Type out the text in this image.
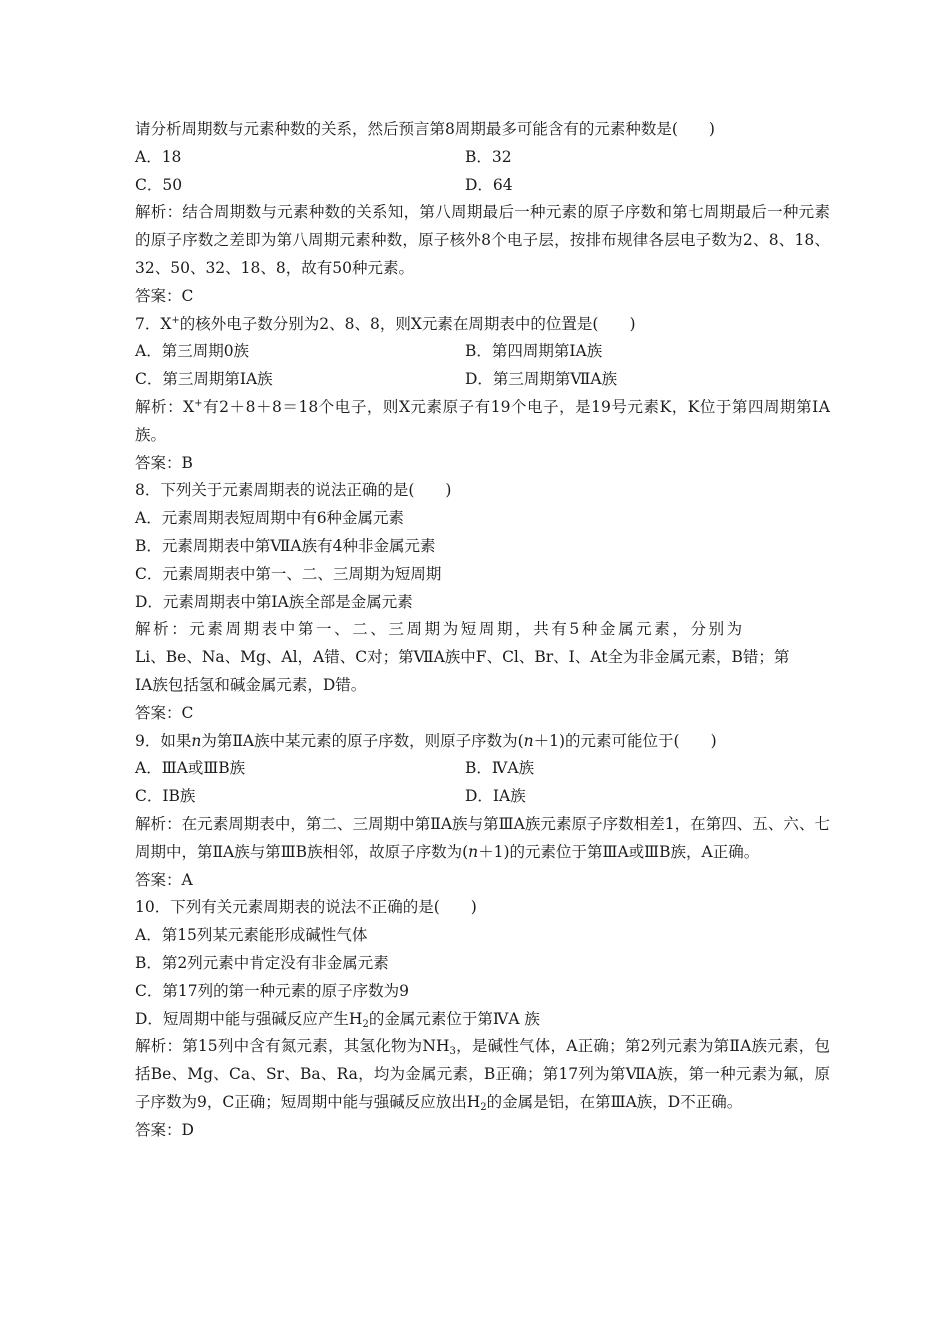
请分析周期数与元素种数的关系，然后预言第8周期最多可能含有的元素种数是(　　)
A．18	B．32
C．50	D．64
解析：结合周期数与元素种数的关系知，第八周期最后一种元素的原子序数和第七周期最后一种元素的原子序数之差即为第八周期元素种数，原子核外8个电子层，按排布规律各层电子数为2、8、18、32、50、32、18、8，故有50种元素。
答案：C
7．X+的核外电子数分别为2、8、8，则X元素在周期表中的位置是(　　)
A．第三周期0族	B．第四周期第ⅠA族
C．第三周期第ⅠA族	D．第三周期第ⅦA族
解析：X+有2＋8＋8＝18个电子，则X元素原子有19个电子，是19号元素K，K位于第四周期第ⅠA族。
答案：B
8．下列关于元素周期表的说法正确的是(　　)
A．元素周期表短周期中有6种金属元素
B．元素周期表中第ⅦA族有4种非金属元素
C．元素周期表中第一、二、三周期为短周期
D．元素周期表中第ⅠA族全部是金属元素
解析：元素周期表中第一、二、三周期为短周期，共有5种金属元素，分别为
Li、Be、Na、Mg、Al，A错、C对；第ⅦA族中F、Cl、Br、I、At全为非金属元素，B错；第
ⅠA族包括氢和碱金属元素，D错。
答案：C
9．如果n为第ⅡA族中某元素的原子序数，则原子序数为(n＋1)的元素可能位于(　　)
A．ⅢA或ⅢB族	B．ⅣA族
C．ⅠB族	D．ⅠA族
解析：在元素周期表中，第二、三周期中第ⅡA族与第ⅢA族元素原子序数相差1，在第四、五、六、七周期中，第ⅡA族与第ⅢB族相邻，故原子序数为(n＋1)的元素位于第ⅢA或ⅢB族，A正确。
答案：A
10．下列有关元素周期表的说法不正确的是(　　)
A．第15列某元素能形成碱性气体
B．第2列元素中肯定没有非金属元素
C．第17列的第一种元素的原子序数为9
D．短周期中能与强碱反应产生$H_2$的金属元素位于第ⅣA 族
解析：第15列中含有氮元素，其氢化物为$NH_3$，是碱性气体，A正确；第2列元素为第ⅡA族元素，包括Be、Mg、Ca、Sr、Ba、Ra，均为金属元素，B正确；第17列为第ⅦA族，第一种元素为氟，原子序数为9，C正确；短周期中能与强碱反应放出$H_2$的金属是铝，在第ⅢA族，D不正确。
答案：D
